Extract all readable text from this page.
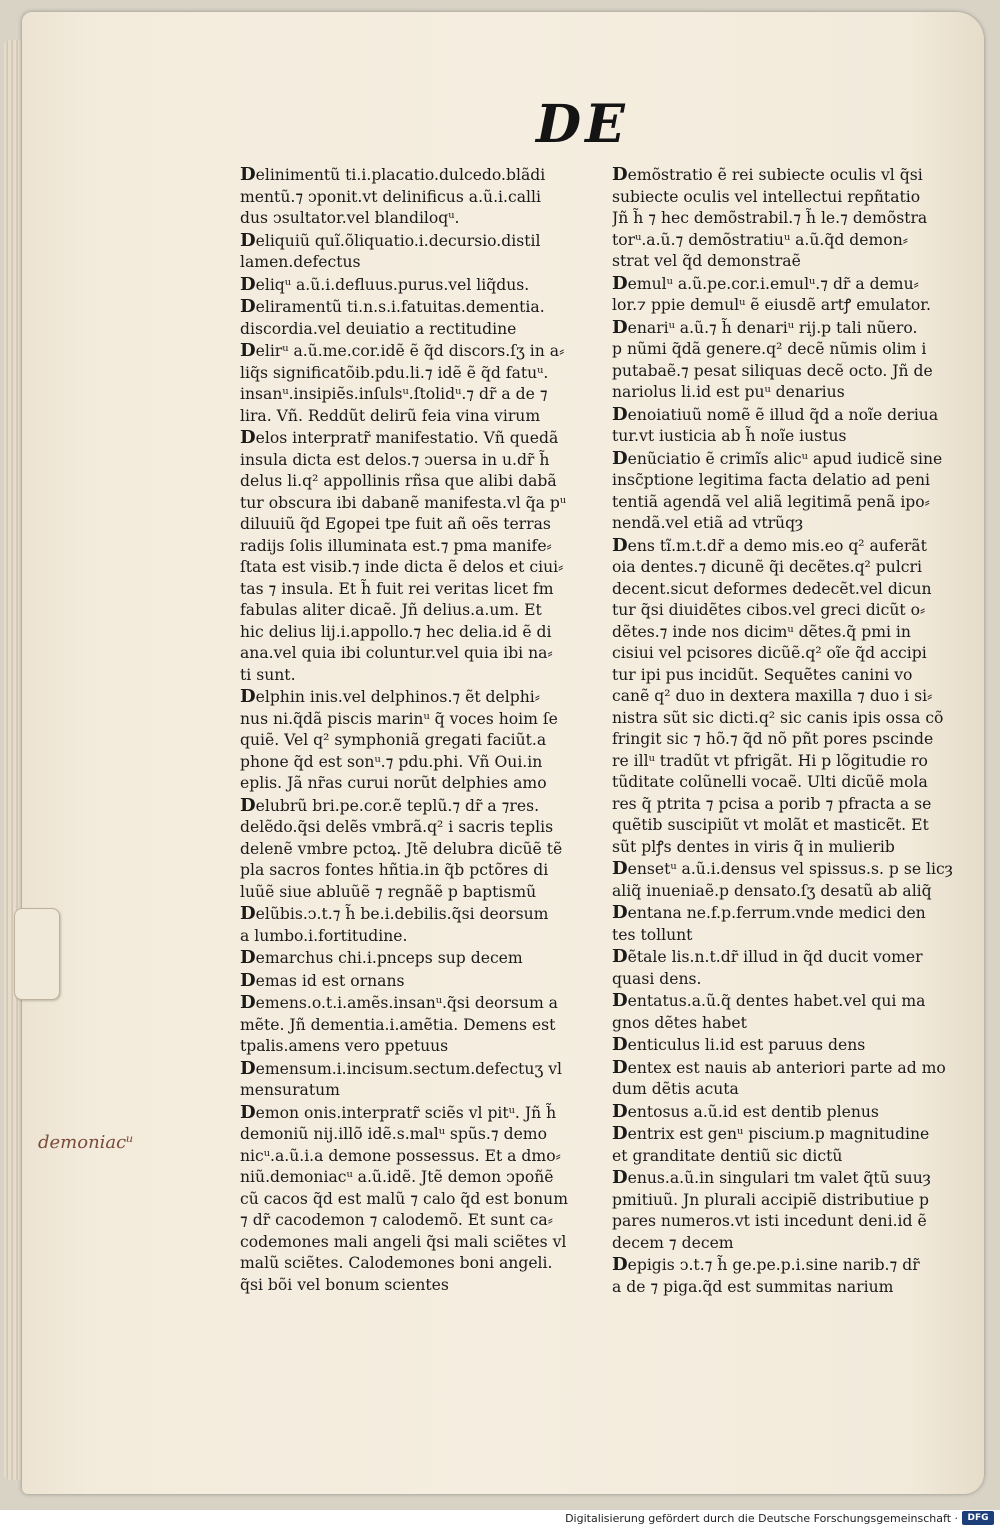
DE
Delinimentũ ti.i.placatio.dulcedo.blãdi
mentũ.⁊ ↄponit.vt delinificus a.ũ.i.calli
dus ↄsultator.vel blandiloqᵘ.
Deliquiũ quĩ.õliquatio.i.decursio.distil
lamen.defectus
Deliqᵘ a.ũ.i.defluus.purus.vel liq̃dus.
Deliramentũ ti.n.s.i.fatuitas.dementia.
discordia.vel deuiatio a rectitudine
Delirᵘ a.ũ.me.cor.idẽ ẽ q̃d discors.ſʒ in a⸗
liq̃s significatõib.pdu.li.⁊ idẽ ẽ q̃d fatuᵘ.
insanᵘ.insipiẽs.inſulsᵘ.ſtolidᵘ.⁊ dr̃ a de ⁊
lira. Vñ. Reddũt delirũ feia vina virum
Delos interpratr̃ manifestatio. Vñ quedã
insula dicta est delos.⁊ ↄuersa in u.dr̃ h̃
delus li.q² appollinis rñsa que alibi dabã
tur obscura ibi dabanẽ manifesta.vl q̃a pᵘ
diluuiũ q̃d Egopei tpe fuit añ oẽs terras
radijs ſolis illuminata est.⁊ pma manife⸗
ſtata est visib.⁊ inde dicta ẽ delos et ciui⸗
tas ⁊ insula. Et h̃ fuit rei veritas licet fm
fabulas aliter dicaẽ. Jñ delius.a.um. Et
hic delius lij.i.appollo.⁊ hec delia.id ẽ di
ana.vel quia ibi coluntur.vel quia ibi na⸗
ti sunt.
Delphin inis.vel delphinos.⁊ ẽt delphi⸗
nus ni.q̃dã piscis marinᵘ q̃ voces hoim ſe
quiẽ. Vel q² symphoniã gregati faciũt.a
phone q̃d est sonᵘ.⁊ pdu.phi. Vñ Oui.in
eplis. Jã nr̃as curui norũt delphies amo
Delubrũ bri.pe.cor.ẽ teplũ.⁊ dr̃ a ⁊res.
delẽdo.q̃si delẽs vmbrã.q² i sacris teplis
delenẽ vmbre pctoꝝ. Jtẽ delubra dicũẽ tẽ
pla sacros fontes hñtia.in q̃b pctõres di
luũẽ siue abluũẽ ⁊ regnãẽ p baptismũ
Delũbis.ↄ.t.⁊ h̃ be.i.debilis.q̃si deorsum
a lumbo.i.fortitudine.
Demarchus chi.i.pnceps sup decem
Demas id est ornans
Demens.o.t.i.amẽs.insanᵘ.q̃si deorsum a
mẽte. Jñ dementia.i.amẽtia. Demens est
tpalis.amens vero ppetuus
Demensum.i.incisum.sectum.defectuʒ vl
mensuratum
Demon onis.interpratr̃ sciẽs vl pitᵘ. Jñ h̃
demoniũ nij.illõ idẽ.s.malᵘ spũs.⁊ demo
nicᵘ.a.ũ.i.a demone possessus. Et a dmo⸗
niũ.demoniacᵘ a.ũ.idẽ. Jtẽ demon ↄpoñẽ
cũ cacos q̃d est malũ ⁊ calo q̃d est bonum
⁊ dr̃ cacodemon ⁊ calodemõ. Et sunt ca⸗
codemones mali angeli q̃si mali sciẽtes vl
malũ sciẽtes. Calodemones boni angeli.
q̃si bõi vel bonum scientes
Demõstratio ẽ rei subiecte oculis vl q̃si
subiecte oculis vel intellectui repñtatio
Jñ h̃ ⁊ hec demõstrabil.⁊ h̃ le.⁊ demõstra
torᵘ.a.ũ.⁊ demõstratiuᵘ a.ũ.q̃d demon⸗
strat vel q̃d demonstraẽ
Demulᵘ a.ũ.pe.cor.i.emulᵘ.⁊ dr̃ a demu⸗
lor.⁊ ppie demulᵘ ẽ eiusdẽ artꝭ emulator.
Denariᵘ a.ũ.⁊ h̃ denariᵘ rij.p tali nũero.
p nũmi q̃dã genere.q² decẽ nũmis olim i
putabaẽ.⁊ pesat siliquas decẽ octo. Jñ de
nariolus li.id est puᵘ denarius
Denoiatiuũ nomẽ ẽ illud q̃d a noĩe deriua
tur.vt iusticia ab h̃ noĩe iustus
Denũciatio ẽ crimĩs alicᵘ apud iudicẽ sine
insc̃ptione legitima facta delatio ad peni
tentiã agendã vel aliã legitimã penã ipo⸗
nendã.vel etiã ad vtrũqȝ
Dens tĩ.m.t.dr̃ a demo mis.eo q² auferãt
oia dentes.⁊ dicunẽ q̃i decẽtes.q² pulcri
decent.sicut deformes dedecẽt.vel dicun
tur q̃si diuidẽtes cibos.vel greci dicũt o⸗
dẽtes.⁊ inde nos dicimᵘ dẽtes.q̃ pmi in
cisiui vel pcisores dicũẽ.q² oĩe q̃d accipi
tur ipi pus incidũt. Sequẽtes canini vo
canẽ q² duo in dextera maxilla ⁊ duo i si⸗
nistra sũt sic dicti.q² sic canis ipis ossa cõ
fringit sic ⁊ hõ.⁊ q̃d nõ pñt pores pscinde
re illᵘ tradũt vt pfrigãt. Hi p lõgitudie ro
tũditate colũnelli vocaẽ. Ulti dicũẽ mola
res q̃ ptrita ⁊ pcisa a porib ⁊ pfracta a se
quẽtib suscipiũt vt molãt et masticẽt. Et
sũt plꝭs dentes in viris q̃ in mulierib
Densetᵘ a.ũ.i.densus vel spissus.s. p se licȝ
aliq̃ inueniaẽ.p densato.ſʒ desatũ ab aliq̃
Dentana ne.f.p.ferrum.vnde medici den
tes tollunt
Dẽtale lis.n.t.dr̃ illud in q̃d ducit vomer
quasi dens.
Dentatus.a.ũ.q̃ dentes habet.vel qui ma
gnos dẽtes habet
Denticulus li.id est paruus dens
Dentex est nauis ab anteriori parte ad mo
dum dẽtis acuta
Dentosus a.ũ.id est dentib plenus
Dentrix est genᵘ piscium.p magnitudine
et granditate dentiũ sic dictũ
Denus.a.ũ.in singulari tm valet q̃tũ suuȝ
pmitiuũ. Jn plurali accipiẽ distributiue p
pares numeros.vt isti incedunt deni.id ẽ
decem ⁊ decem
Depigis ↄ.t.⁊ h̃ ge.pe.p.i.sine narib.⁊ dr̃
a de ⁊ piga.q̃d est summitas narium
demoniacᵘ
Digitalisierung gefördert durch die Deutsche Forschungsgemeinschaft ·	DFG
